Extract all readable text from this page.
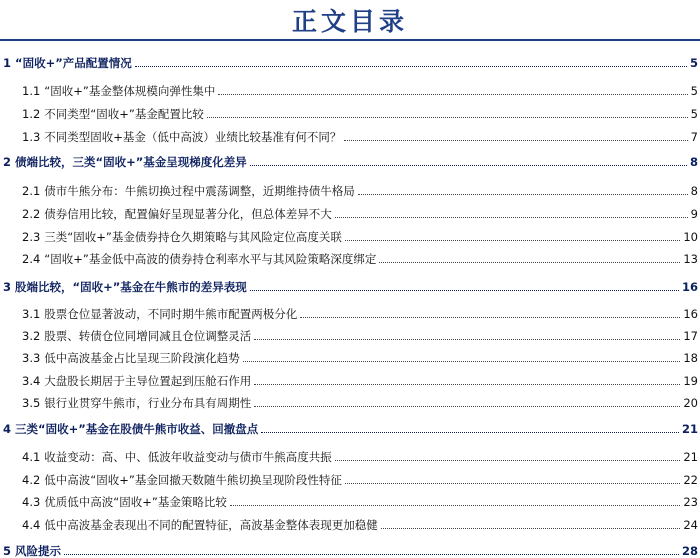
正文目录
1 “固收+”产品配置情况	5
1.1 “固收+”基金整体规模向弹性集中	5
1.2 不同类型“固收+”基金配置比较	5
1.3 不同类型固收+基金（低中高波）业绩比较基准有何不同？	7
2 债端比较，三类“固收+”基金呈现梯度化差异	8
2.1 债市牛熊分布：牛熊切换过程中震荡调整，近期维持债牛格局	8
2.2 债券信用比较，配置偏好呈现显著分化，但总体差异不大	9
2.3 三类“固收+”基金债券持仓久期策略与其风险定位高度关联	10
2.4 “固收+”基金低中高波的债券持仓利率水平与其风险策略深度绑定	13
3 股端比较，“固收+”基金在牛熊市的差异表现	16
3.1 股票仓位显著波动，不同时期牛熊市配置两极分化	16
3.2 股票、转债仓位同增同减且仓位调整灵活	17
3.3 低中高波基金占比呈现三阶段演化趋势	18
3.4 大盘股长期居于主导位置起到压舱石作用	19
3.5 银行业贯穿牛熊市，行业分布具有周期性	20
4 三类“固收+”基金在股债牛熊市收益、回撤盘点	21
4.1 收益变动：高、中、低波年收益变动与债市牛熊高度共振	21
4.2 低中高波“固收+”基金回撤天数随牛熊切换呈现阶段性特征	22
4.3 优质低中高波“固收+”基金策略比较	23
4.4 低中高波基金表现出不同的配置特征，高波基金整体表现更加稳健	24
5 风险提示	28
